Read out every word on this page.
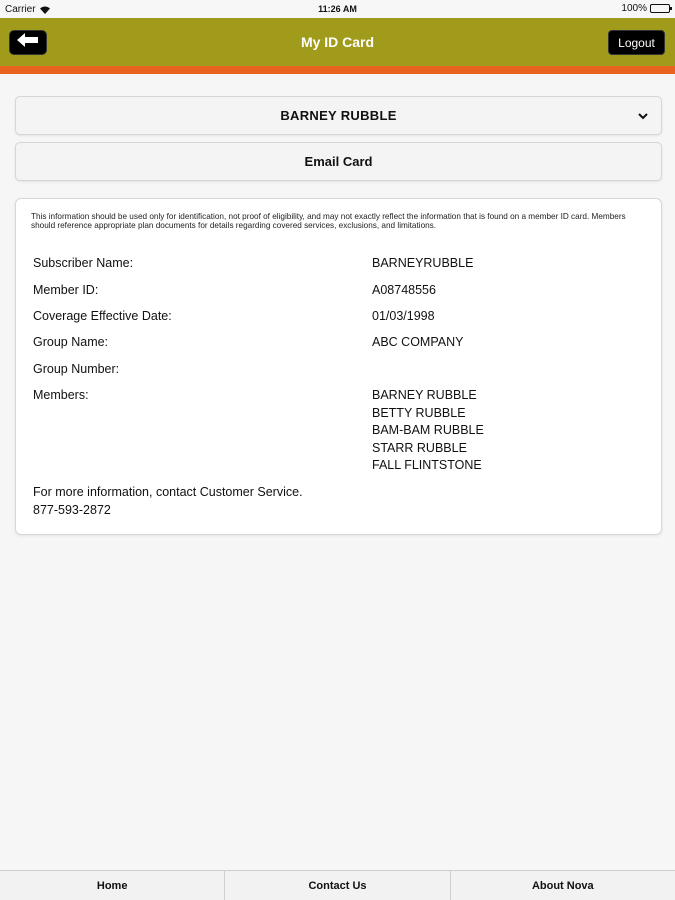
Carrier	11:26 AM	100%
My ID Card	Logout
BARNEY RUBBLE
Email Card
This information should be used only for identification, not proof of eligibility, and may not exactly reflect the information that is found on a member ID card. Members should reference appropriate plan documents for details regarding covered services, exclusions, and limitations.
Subscriber Name:	BARNEYRUBBLE
Member ID:	A08748556
Coverage Effective Date:	01/03/1998
Group Name:	ABC COMPANY
Group Number:
Members:	BARNEY RUBBLE
BETTY RUBBLE
BAM-BAM RUBBLE
STARR RUBBLE
FALL FLINTSTONE
For more information, contact Customer Service.
877-593-2872
Home	Contact Us	About Nova
